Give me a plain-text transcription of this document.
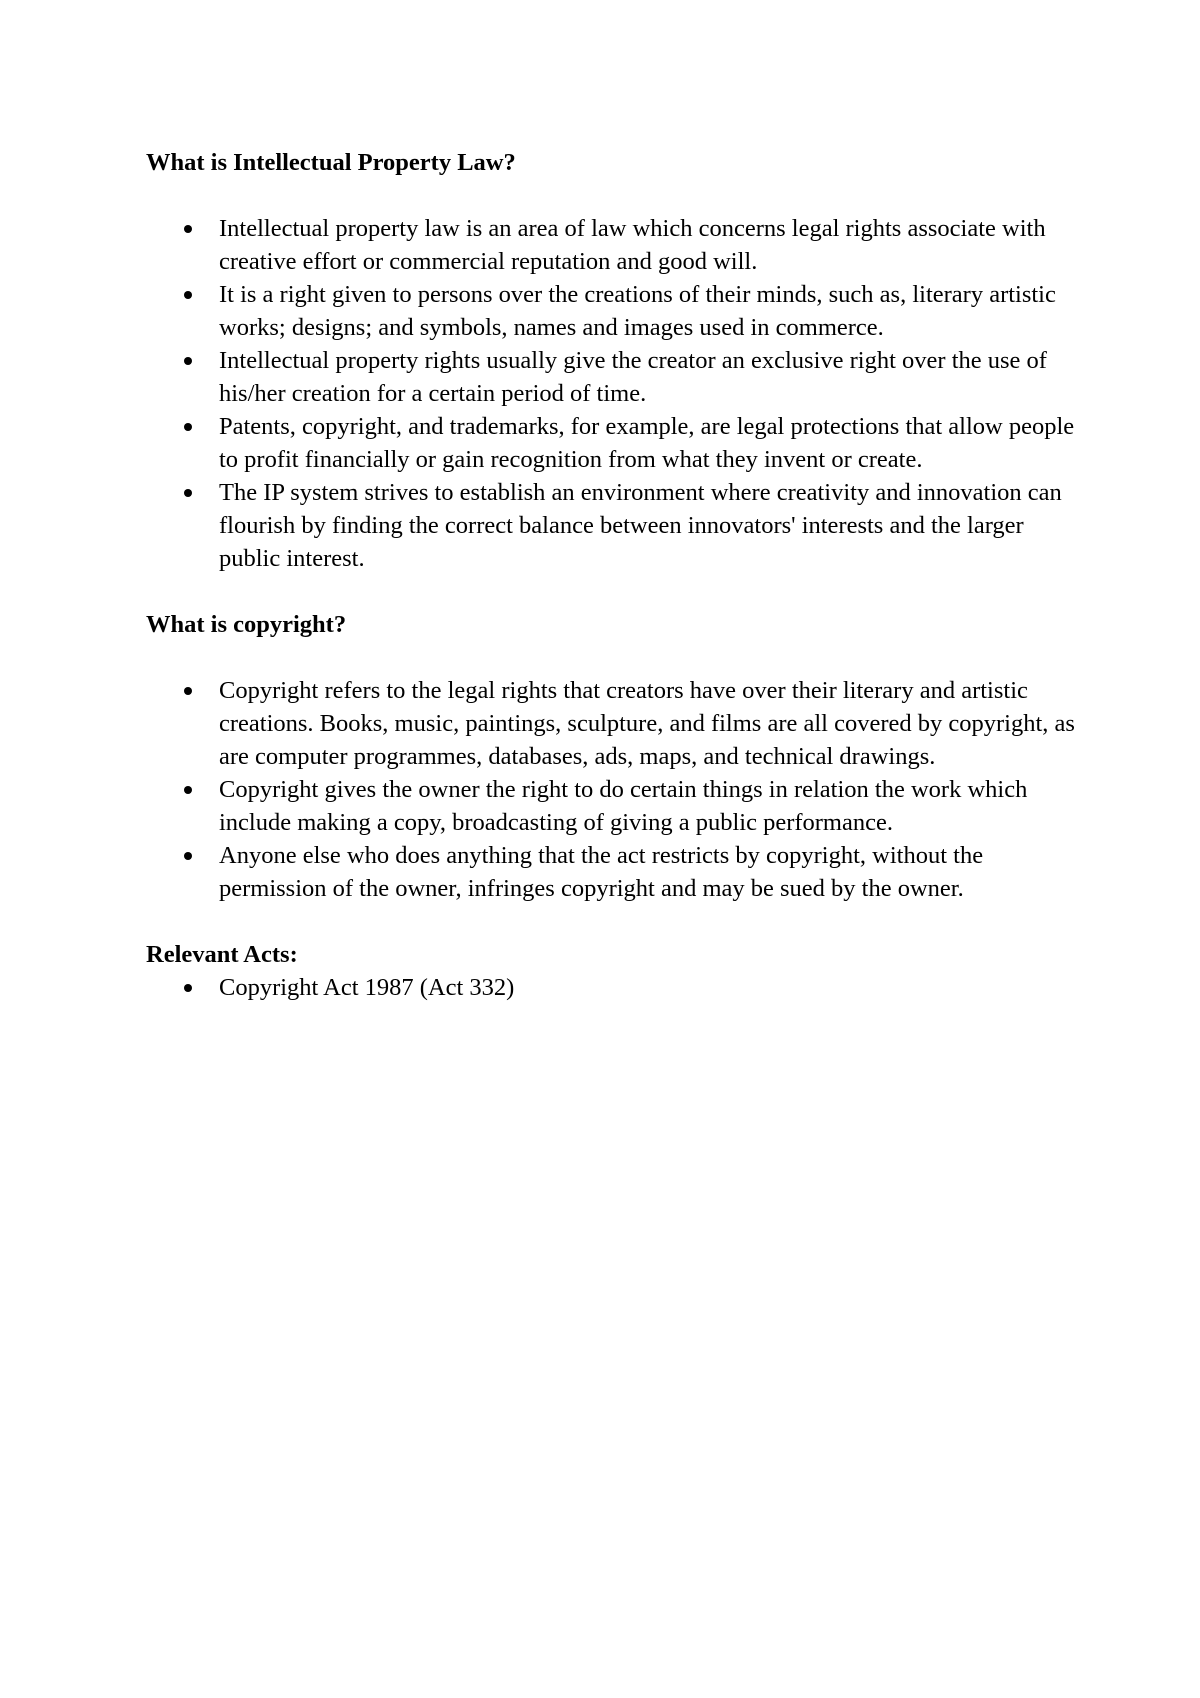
What is Intellectual Property Law?
Intellectual property law is an area of law which concerns legal rights associate with creative effort or commercial reputation and good will.
It is a right given to persons over the creations of their minds, such as, literary artistic works; designs; and symbols, names and images used in commerce.
Intellectual property rights usually give the creator an exclusive right over the use of his/her creation for a certain period of time.
Patents, copyright, and trademarks, for example, are legal protections that allow people to profit financially or gain recognition from what they invent or create.
The IP system strives to establish an environment where creativity and innovation can flourish by finding the correct balance between innovators' interests and the larger public interest.
What is copyright?
Copyright refers to the legal rights that creators have over their literary and artistic creations. Books, music, paintings, sculpture, and films are all covered by copyright, as are computer programmes, databases, ads, maps, and technical drawings.
Copyright gives the owner the right to do certain things in relation the work which include making a copy, broadcasting of giving a public performance.
Anyone else who does anything that the act restricts by copyright, without the permission of the owner, infringes copyright and may be sued by the owner.
Relevant Acts:
Copyright Act 1987 (Act 332)
